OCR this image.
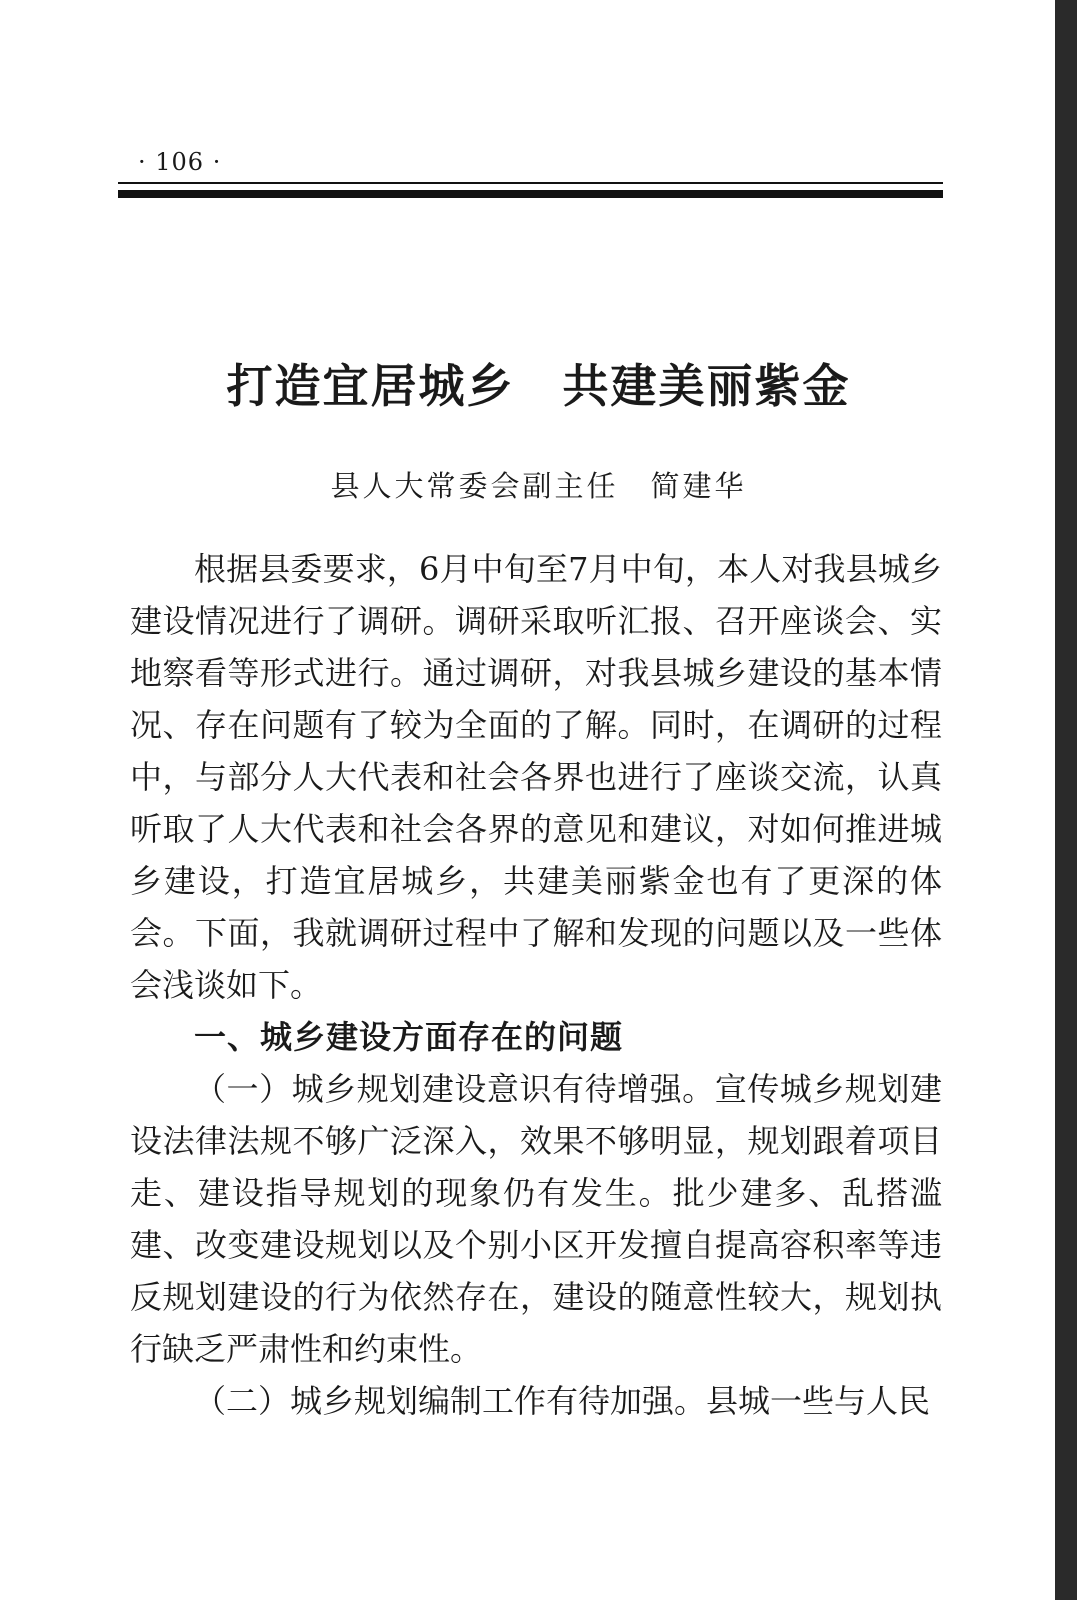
· 106 ·
打造宜居城乡　共建美丽紫金
县人大常委会副主任　简建华

根据县委要求，6月中旬至7月中旬，本人对我县城乡建设情况进行了调研。调研采取听汇报、召开座谈会、实地察看等形式进行。通过调研，对我县城乡建设的基本情况、存在问题有了较为全面的了解。同时，在调研的过程中，与部分人大代表和社会各界也进行了座谈交流，认真听取了人大代表和社会各界的意见和建议，对如何推进城乡建设，打造宜居城乡，共建美丽紫金也有了更深的体会。下面，我就调研过程中了解和发现的问题以及一些体会浅谈如下。

一、城乡建设方面存在的问题

（一）城乡规划建设意识有待增强。宣传城乡规划建设法律法规不够广泛深入，效果不够明显，规划跟着项目走、建设指导规划的现象仍有发生。批少建多、乱搭滥建、改变建设规划以及个别小区开发擅自提高容积率等违反规划建设的行为依然存在，建设的随意性较大，规划执行缺乏严肃性和约束性。

（二）城乡规划编制工作有待加强。县城一些与人民
